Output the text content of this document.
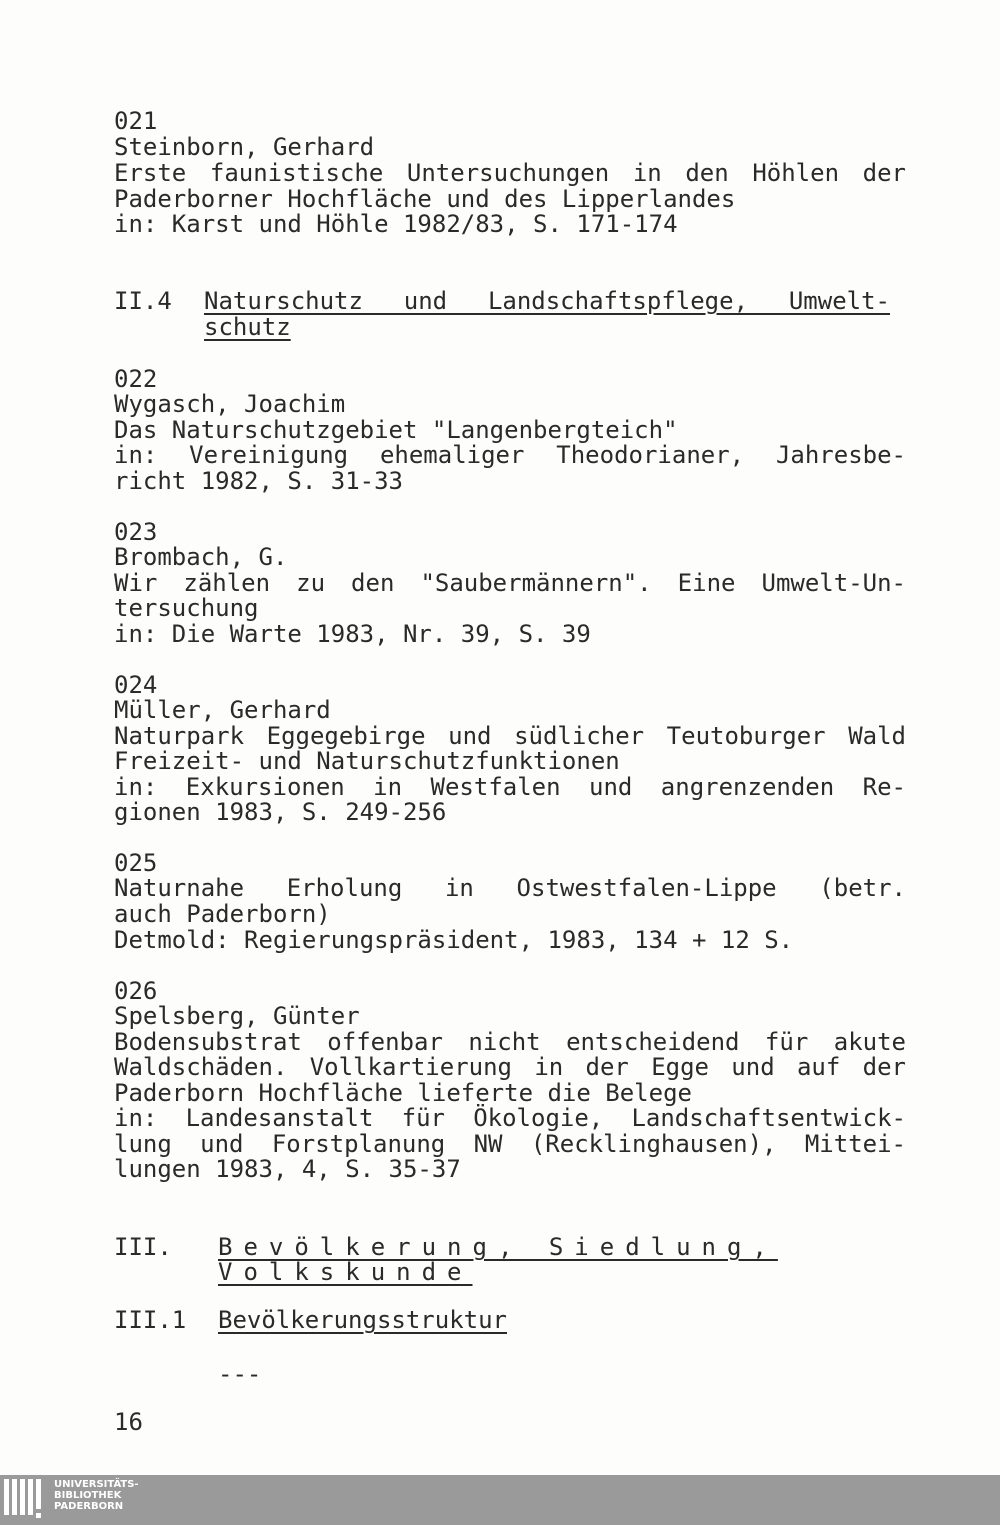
021

Steinborn, Gerhard

Erste faunistische Untersuchungen in den Höhlen der

Paderborner Hochfläche und des Lipperlandes

in: Karst und Höhle 1982/83, S. 171-174

II.4 Naturschutz und Landschaftspflege, Umwelt-
schutz

022

Wygasch, Joachim

Das Naturschutzgebiet "Langenbergteich"

in: Vereinigung ehemaliger Theodorianer, Jahresbe-

richt 1982, S. 31-33

023

Brombach, G.

Wir zählen zu den "Saubermännern". Eine Umwelt-Un-

tersuchung

in: Die Warte 1983, Nr. 39, S. 39

024

Müller, Gerhard

Naturpark Eggegebirge und südlicher Teutoburger Wald

Freizeit- und Naturschutzfunktionen

in: Exkursionen in Westfalen und angrenzenden Re-

gionen 1983, S. 249-256

025

Naturnahe Erholung in Ostwestfalen-Lippe (betr.

auch Paderborn)

Detmold: Regierungspräsident, 1983, 134 + 12 S.

026

Spelsberg, Günter

Bodensubstrat offenbar nicht entscheidend für akute

Waldschäden. Vollkartierung in der Egge und auf der

Paderborn Hochfläche lieferte die Belege

in: Landesanstalt für Ökologie, Landschaftsentwick-

lung und Forstplanung NW (Recklinghausen), Mittei-

lungen 1983, 4, S. 35-37

III. Bevölkerung, Siedlung,
Volkskunde
III.1 Bevölkerungsstruktur

---

16

UNIVERSITÄTS-
BIBLIOTHEK
PADERBORN
